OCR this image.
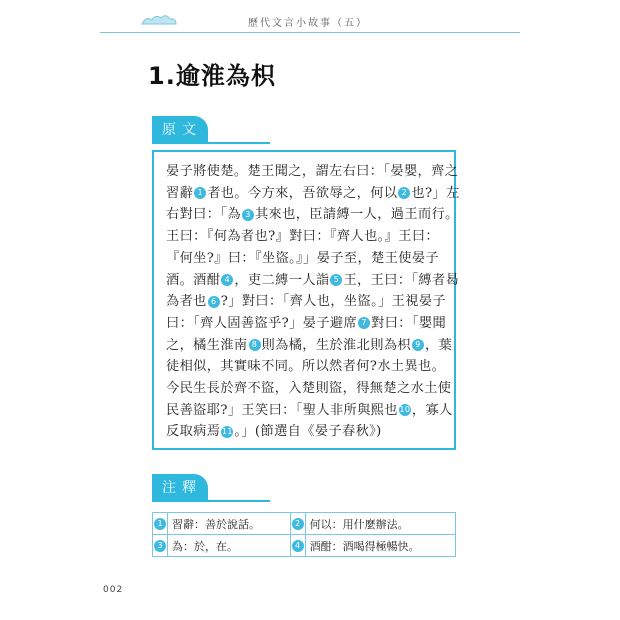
歷代文言小故事（五）
1.逾淮為枳
原文
晏子將使楚。楚王聞之，謂左右曰：「晏嬰，齊之
習辭 1 者也。今方來，吾欲辱之，何以 2 也?」左
右對曰：「為 3 其來也，臣請縛一人，過王而行。
王曰：『何為者也?』對曰：『齊人也。』王曰：
『何坐?』曰：『坐盜。』」晏子至，楚王使晏子
酒。酒酣 4 ，吏二縛一人詣 5 王，王曰：「縛者曷
為者也 6 ?」對曰：「齊人也，坐盜。」王視晏子
曰：「齊人固善盜乎?」晏子避席 7 對曰：「嬰聞
之，橘生淮南 8 則為橘，生於淮北則為枳 9 ，葉
徒相似，其實味不同。所以然者何?水土異也。
今民生長於齊不盜，入楚則盜，得無楚之水土使
民善盜耶?」王笑曰：「聖人非所與熙也 10 ，寡人
反取病焉 11 。」(節選自《晏子春秋》)
注釋
1	習辭：善於說話。	2	何以：用什麼辦法。
3	為：於，在。	4	酒酣：酒喝得極暢快。
002
